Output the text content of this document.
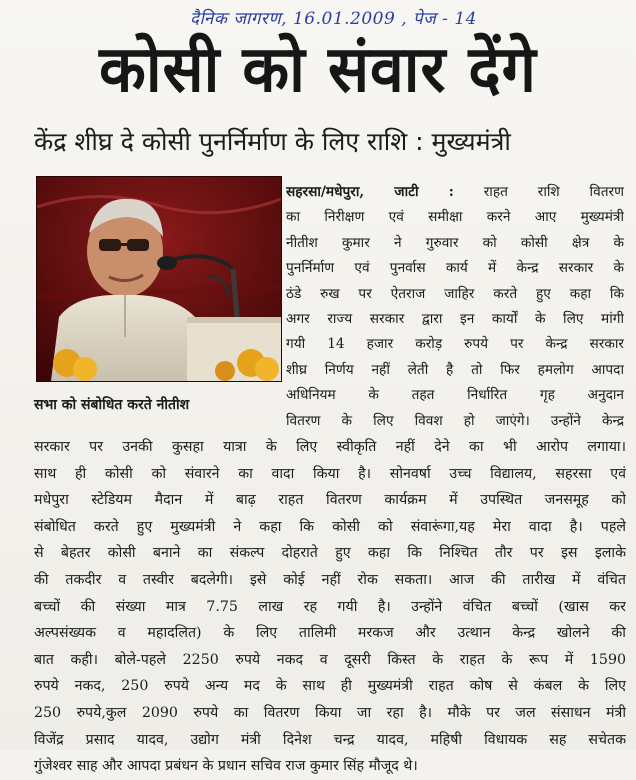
दैनिक जागरण, 16.01.2009 , पेज - 14
कोसी को संवार देंगे
केंद्र शीघ्र दे कोसी पुनर्निर्माण के लिए राशि : मुख्यमंत्री
सभा को संबोधित करते नीतीश
सहरसा/मधेपुरा, जाटी : राहत राशि वितरण
का निरीक्षण एवं समीक्षा करने आए मुख्यमंत्री
नीतीश कुमार ने गुरुवार को कोसी क्षेत्र के
पुनर्निर्माण एवं पुनर्वास कार्य में केन्द्र सरकार के
ठंडे रुख पर ऐतराज जाहिर करते हुए कहा कि
अगर राज्य सरकार द्वारा इन कार्यों के लिए मांगी
गयी 14 हजार करोड़ रुपये पर केन्द्र सरकार
शीघ्र निर्णय नहीं लेती है तो फिर हमलोग आपदा
अधिनियम के तहत निर्धारित गृह अनुदान
वितरण के लिए विवश हो जाएंगे। उन्होंने केन्द्र
सरकार पर उनकी कुसहा यात्रा के लिए स्वीकृति नहीं देने का भी आरोप लगाया।
साथ ही कोसी को संवारने का वादा किया है। सोनवर्षा उच्च विद्यालय, सहरसा एवं
मधेपुरा स्टेडियम मैदान में बाढ़ राहत वितरण कार्यक्रम में उपस्थित जनसमूह को
संबोधित करते हुए मुख्यमंत्री ने कहा कि कोसी को संवारूंगा,यह मेरा वादा है। पहले
से बेहतर कोसी बनाने का संकल्प दोहराते हुए कहा कि निश्चित तौर पर इस इलाके
की तकदीर व तस्वीर बदलेगी। इसे कोई नहीं रोक सकता। आज की तारीख में वंचित
बच्चों की संख्या मात्र 7.75 लाख रह गयी है। उन्होंने वंचित बच्चों (खास कर
अल्पसंख्यक व महादलित) के लिए तालिमी मरकज और उत्थान केन्द्र खोलने की
बात कही। बोले-पहले 2250 रुपये नकद व दूसरी किस्त के राहत के रूप में 1590
रुपये नकद, 250 रुपये अन्य मद के साथ ही मुख्यमंत्री राहत कोष से कंबल के लिए
250 रुपये,कुल 2090 रुपये का वितरण किया जा रहा है। मौके पर जल संसाधन मंत्री
विजेंद्र प्रसाद यादव, उद्योग मंत्री दिनेश चन्द्र यादव, महिषी विधायक सह सचेतक
गुंजेश्वर साह और आपदा प्रबंधन के प्रधान सचिव राज कुमार सिंह मौजूद थे।
